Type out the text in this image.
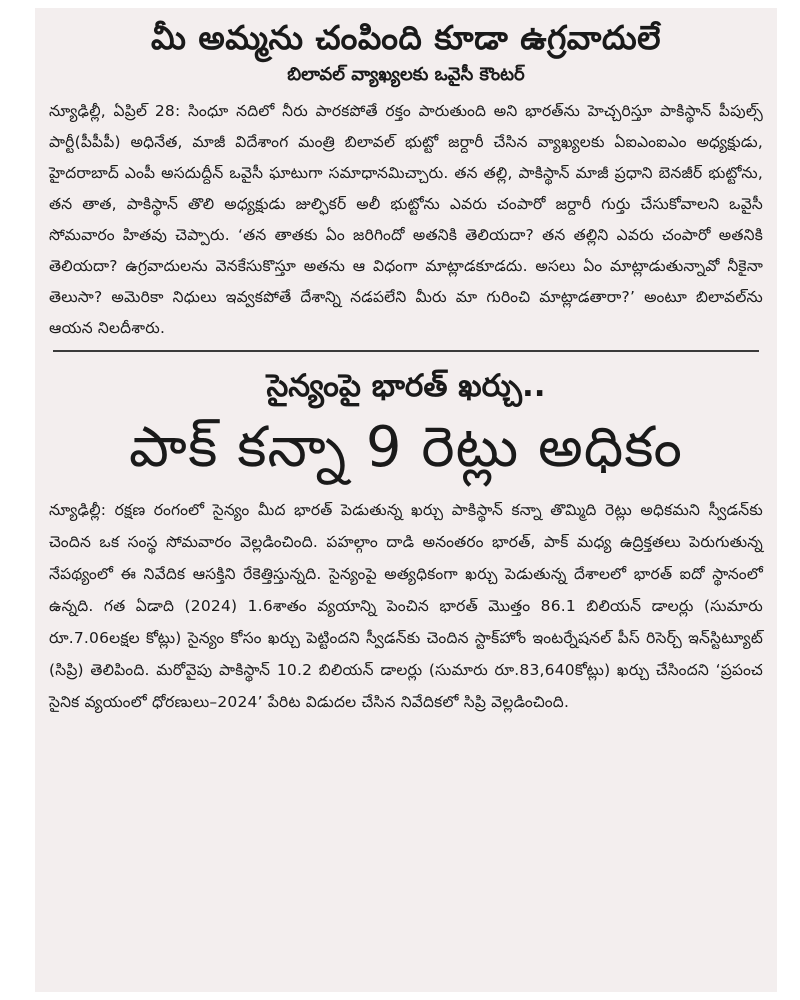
మీ అమ్మను చంపింది కూడా ఉగ్రవాదులే
బిలావల్ వ్యాఖ్యలకు ఒవైసీ కౌంటర్

న్యూఢిల్లీ, ఏప్రిల్ 28: సింధూ నదిలో నీరు పారకపోతే రక్తం పారుతుంది అని భారత్‌ను హెచ్చరిస్తూ పాకిస్థాన్ పీపుల్స్ పార్టీ(పీపీపీ) అధినేత, మాజీ విదేశాంగ మంత్రి బిలావల్ భుట్టో జర్దారీ చేసిన వ్యాఖ్యలకు ఏఐఎంఐఎం అధ్యక్షుడు, హైదరాబాద్ ఎంపీ అసదుద్దీన్ ఒవైసీ ఘాటుగా సమాధానమిచ్చారు. తన తల్లి, పాకిస్థాన్ మాజీ ప్రధాని బెనజీర్ భుట్టోను, తన తాత, పాకిస్థాన్ తొలి అధ్యక్షుడు జుల్ఫికర్ అలీ భుట్టోను ఎవరు చంపారో జర్దారీ గుర్తు చేసుకోవాలని ఒవైసీ సోమవారం హితవు చెప్పారు. ‘తన తాతకు ఏం జరిగిందో అతనికి తెలియదా? తన తల్లిని ఎవరు చంపారో అతనికి తెలియదా? ఉగ్రవాదులను వెనకేసుకొస్తూ అతను ఆ విధంగా మాట్లాడకూడదు. అసలు ఏం మాట్లాడుతున్నావో నీకైనా తెలుసా? అమెరికా నిధులు ఇవ్వకపోతే దేశాన్ని నడపలేని మీరు మా గురించి మాట్లాడతారా?’ అంటూ బిలావల్‌ను ఆయన నిలదీశారు.

సైన్యంపై భారత్ ఖర్చు..
పాక్ కన్నా 9 రెట్లు అధికం

న్యూఢిల్లీ: రక్షణ రంగంలో సైన్యం మీద భారత్ పెడుతున్న ఖర్చు పాకిస్థాన్ కన్నా తొమ్మిది రెట్లు అధికమని స్వీడన్‌కు చెందిన ఒక సంస్థ సోమవారం వెల్లడించింది. పహల్గాం దాడి అనంతరం భారత్, పాక్ మధ్య ఉద్రిక్తతలు పెరుగుతున్న నేపథ్యంలో ఈ నివేదిక ఆసక్తిని రేకెత్తిస్తున్నది. సైన్యంపై అత్యధికంగా ఖర్చు పెడుతున్న దేశాలలో భారత్ ఐదో స్థానంలో ఉన్నది. గత ఏడాది (2024) 1.6శాతం వ్యయాన్ని పెంచిన భారత్ మొత్తం 86.1 బిలియన్ డాలర్లు (సుమారు రూ.7.06లక్షల కోట్లు) సైన్యం కోసం ఖర్చు పెట్టిందని స్వీడన్‌కు చెందిన స్టాక్‌హోం ఇంటర్నేషనల్ పీస్ రిసెర్చ్ ఇన్‌స్టిట్యూట్ (సిప్రి) తెలిపింది. మరోవైపు పాకిస్థాన్ 10.2 బిలియన్ డాలర్లు (సుమారు రూ.83,640కోట్లు) ఖర్చు చేసిందని ‘ప్రపంచ సైనిక వ్యయంలో ధోరణులు–2024’ పేరిట విడుదల చేసిన నివేదికలో సిప్రి వెల్లడించింది.
